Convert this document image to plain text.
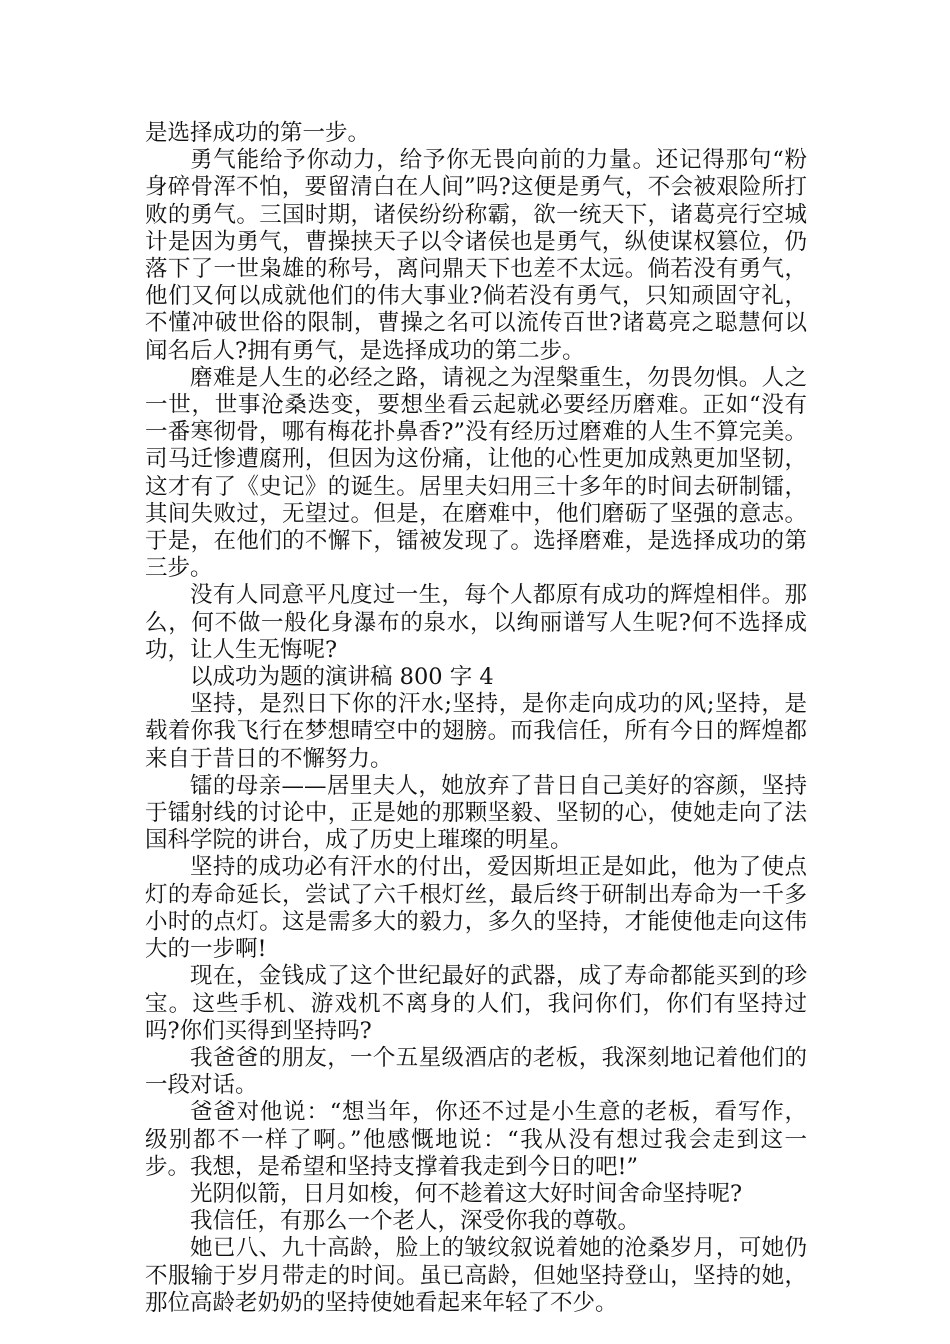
是选择成功的第一步。

勇气能给予你动力，给予你无畏向前的力量。还记得那句“粉身碎骨浑不怕，要留清白在人间”吗?这便是勇气，不会被艰险所打败的勇气。三国时期，诸侯纷纷称霸，欲一统天下，诸葛亮行空城计是因为勇气，曹操挟天子以令诸侯也是勇气，纵使谋权篡位，仍落下了一世枭雄的称号，离问鼎天下也差不太远。倘若没有勇气，他们又何以成就他们的伟大事业?倘若没有勇气，只知顽固守礼，不懂冲破世俗的限制，曹操之名可以流传百世?诸葛亮之聪慧何以闻名后人?拥有勇气，是选择成功的第二步。

磨难是人生的必经之路，请视之为涅槃重生，勿畏勿惧。人之一世，世事沧桑迭变，要想坐看云起就必要经历磨难。正如“没有一番寒彻骨，哪有梅花扑鼻香?”没有经历过磨难的人生不算完美。司马迁惨遭腐刑，但因为这份痛，让他的心性更加成熟更加坚韧，这才有了《史记》的诞生。居里夫妇用三十多年的时间去研制镭，其间失败过，无望过。但是，在磨难中，他们磨砺了坚强的意志。于是，在他们的不懈下，镭被发现了。选择磨难，是选择成功的第三步。

没有人同意平凡度过一生，每个人都原有成功的辉煌相伴。那么，何不做一般化身瀑布的泉水，以绚丽谱写人生呢?何不选择成功，让人生无悔呢?

以成功为题的演讲稿 800 字 4

坚持，是烈日下你的汗水;坚持，是你走向成功的风;坚持，是载着你我飞行在梦想晴空中的翅膀。而我信任，所有今日的辉煌都来自于昔日的不懈努力。

镭的母亲——居里夫人，她放弃了昔日自己美好的容颜，坚持于镭射线的讨论中，正是她的那颗坚毅、坚韧的心，使她走向了法国科学院的讲台，成了历史上璀璨的明星。

坚持的成功必有汗水的付出，爱因斯坦正是如此，他为了使点灯的寿命延长，尝试了六千根灯丝，最后终于研制出寿命为一千多小时的点灯。这是需多大的毅力，多久的坚持，才能使他走向这伟大的一步啊!

现在，金钱成了这个世纪最好的武器，成了寿命都能买到的珍宝。这些手机、游戏机不离身的人们，我问你们，你们有坚持过吗?你们买得到坚持吗?

我爸爸的朋友，一个五星级酒店的老板，我深刻地记着他们的一段对话。

爸爸对他说：“想当年，你还不过是小生意的老板，看写作，级别都不一样了啊。”他感慨地说：“我从没有想过我会走到这一步。我想，是希望和坚持支撑着我走到今日的吧!”

光阴似箭，日月如梭，何不趁着这大好时间舍命坚持呢?

我信任，有那么一个老人，深受你我的尊敬。

她已八、九十高龄，脸上的皱纹叙说着她的沧桑岁月，可她仍不服输于岁月带走的时间。虽已高龄，但她坚持登山，坚持的她，那位高龄老奶奶的坚持使她看起来年轻了不少。
